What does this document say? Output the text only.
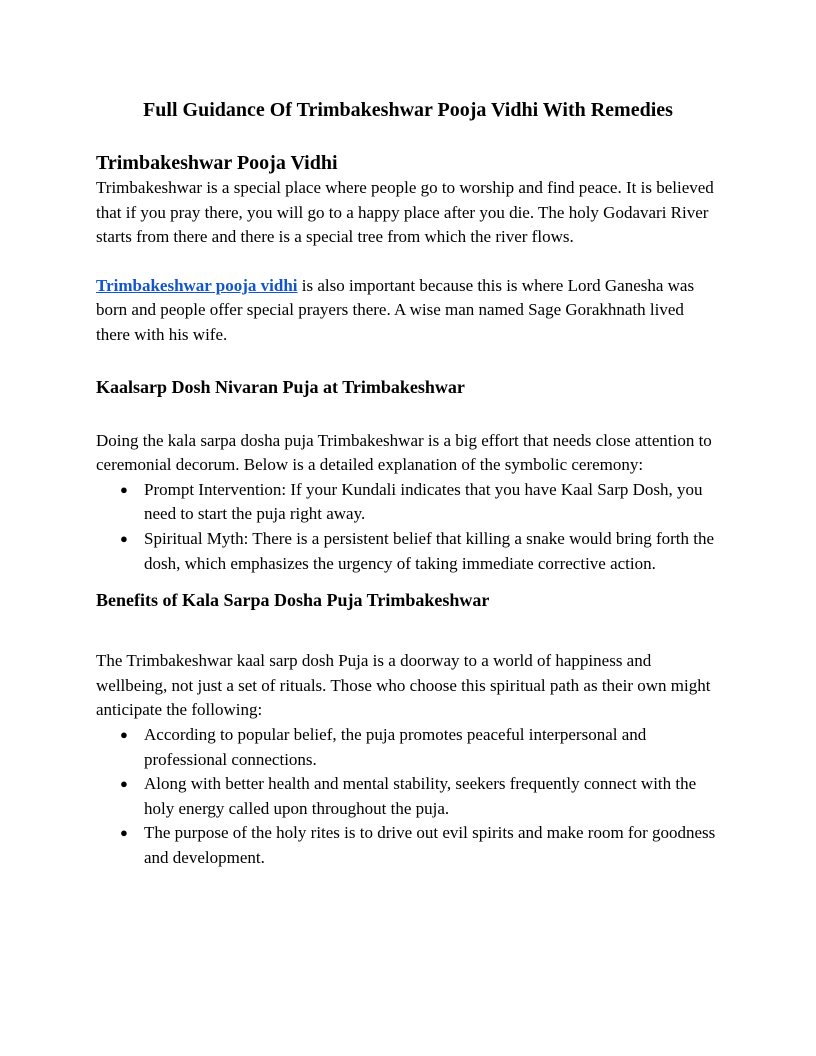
Full Guidance Of Trimbakeshwar Pooja Vidhi With Remedies
Trimbakeshwar Pooja Vidhi

Trimbakeshwar is a special place where people go to worship and find peace. It is believed that if you pray there, you will go to a happy place after you die. The holy Godavari River starts from there and there is a special tree from which the river flows.

Trimbakeshwar pooja vidhi is also important because this is where Lord Ganesha was born and people offer special prayers there. A wise man named Sage Gorakhnath lived there with his wife.

Kaalsarp Dosh Nivaran Puja at Trimbakeshwar

Doing the kala sarpa dosha puja Trimbakeshwar is a big effort that needs close attention to ceremonial decorum. Below is a detailed explanation of the symbolic ceremony:

● Prompt Intervention: If your Kundali indicates that you have Kaal Sarp Dosh, you need to start the puja right away.
● Spiritual Myth: There is a persistent belief that killing a snake would bring forth the dosh, which emphasizes the urgency of taking immediate corrective action.
Benefits of Kala Sarpa Dosha Puja Trimbakeshwar

The Trimbakeshwar kaal sarp dosh Puja is a doorway to a world of happiness and wellbeing, not just a set of rituals. Those who choose this spiritual path as their own might anticipate the following:

● According to popular belief, the puja promotes peaceful interpersonal and professional connections.
● Along with better health and mental stability, seekers frequently connect with the holy energy called upon throughout the puja.
● The purpose of the holy rites is to drive out evil spirits and make room for goodness and development.
